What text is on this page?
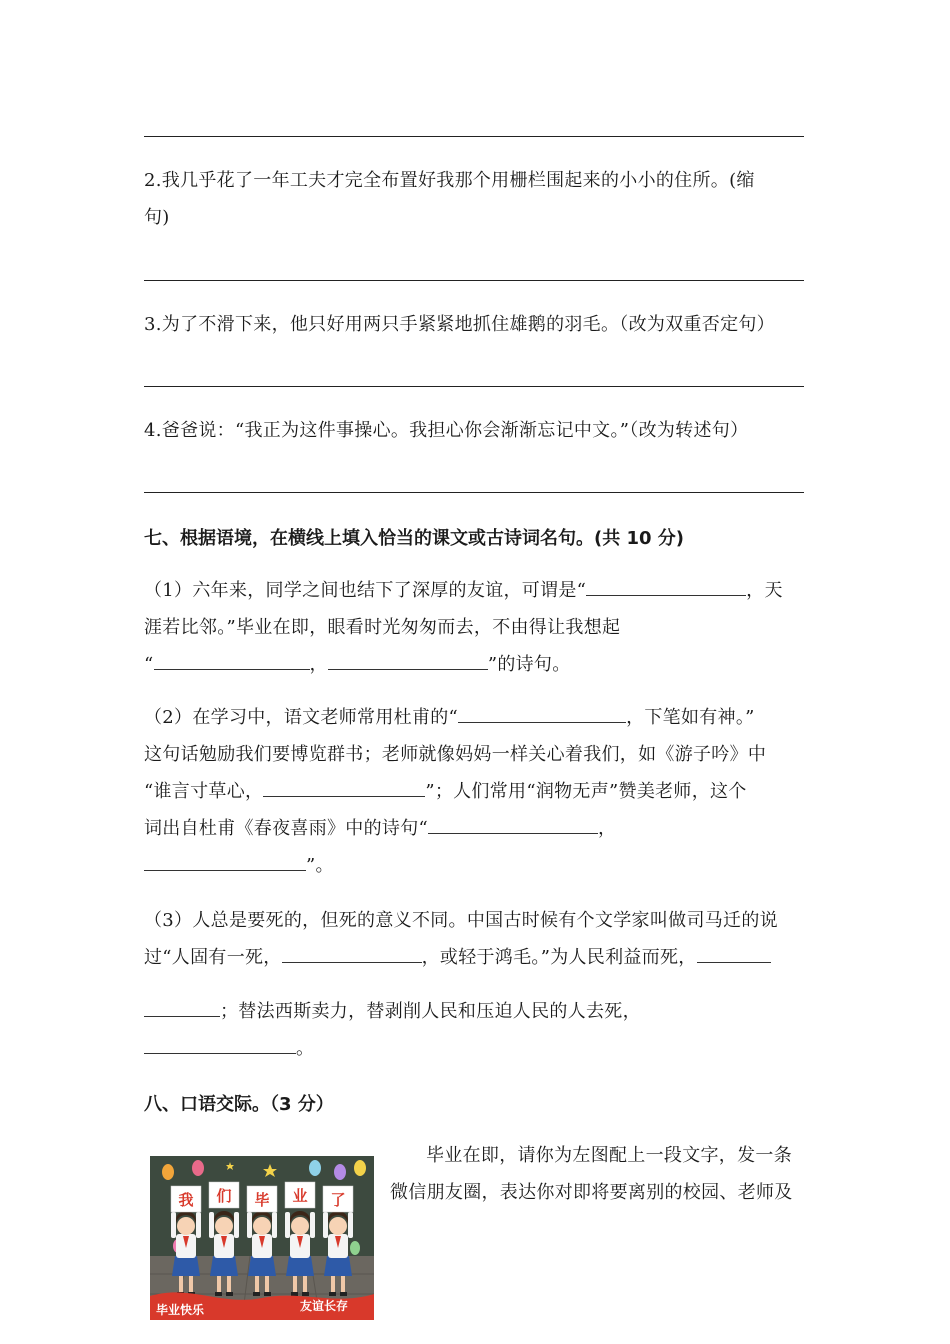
2.我几乎花了一年工夫才完全布置好我那个用栅栏围起来的小小的住所。(缩
句)
3.为了不滑下来，他只好用两只手紧紧地抓住雄鹅的羽毛。（改为双重否定句）
4.爸爸说：“我正为这件事操心。我担心你会渐渐忘记中文。”（改为转述句）
七、根据语境，在横线上填入恰当的课文或古诗词名句。(共 10 分)
（1）六年来，同学之间也结下了深厚的友谊，可谓是“	，天
涯若比邻。”毕业在即，眼看时光匆匆而去，不由得让我想起
“	，	”的诗句。
（2）在学习中，语文老师常用杜甫的“	，下笔如有神。”
这句话勉励我们要博览群书；老师就像妈妈一样关心着我们，如《游子吟》中
“谁言寸草心，	”；人们常用“润物无声”赞美老师，这个
词出自杜甫《春夜喜雨》中的诗句“	，
”。
（3）人总是要死的，但死的意义不同。中国古时候有个文学家叫做司马迁的说
过“人固有一死，	，或轻于鸿毛。”为人民利益而死，
；替法西斯卖力，替剥削人民和压迫人民的人去死，
。
八、口语交际。（3 分）
我 们 毕 业 了
毕业快乐	友谊长存
毕业在即，请你为左图配上一段文字，发一条
微信朋友圈，表达你对即将要离别的校园、老师及
